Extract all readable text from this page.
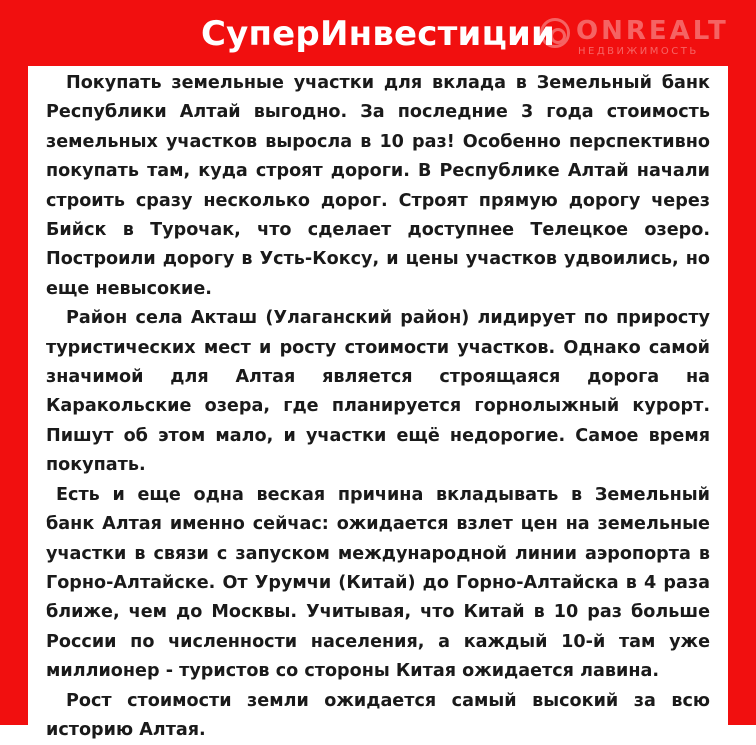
СуперИнвестиции ONREALT
НЕДВИЖИМОСТЬ

Покупать земельные участки для вклада в Земельный банк Республики Алтай выгодно. За последние 3 года стоимость земельных участков выросла в 10 раз! Особенно перспективно покупать там, куда строят дороги. В Республике Алтай начали строить сразу несколько дорог. Строят прямую дорогу через Бийск в Турочак, что сделает доступнее Телецкое озеро. Построили дорогу в Усть-Коксу, и цены участков удвоились, но еще невысокие.

Район села Акташ (Улаганский район) лидирует по приросту туристических мест и росту стоимости участков. Однако самой значимой для Алтая является строящаяся дорога на Каракольские озера, где планируется горнолыжный курорт. Пишут об этом мало, и участки ещё недорогие. Самое время покупать.

Есть и еще одна веская причина вкладывать в Земельный банк Алтая именно сейчас: ожидается взлет цен на земельные участки в связи с запуском международной линии аэропорта в Горно-Алтайске. От Урумчи (Китай) до Горно-Алтайска в 4 раза ближе, чем до Москвы. Учитывая, что Китай в 10 раз больше России по численности населения, а каждый 10-й там уже миллионер - туристов со стороны Китая ожидается лавина.

Рост стоимости земли ожидается самый высокий за всю историю Алтая.
